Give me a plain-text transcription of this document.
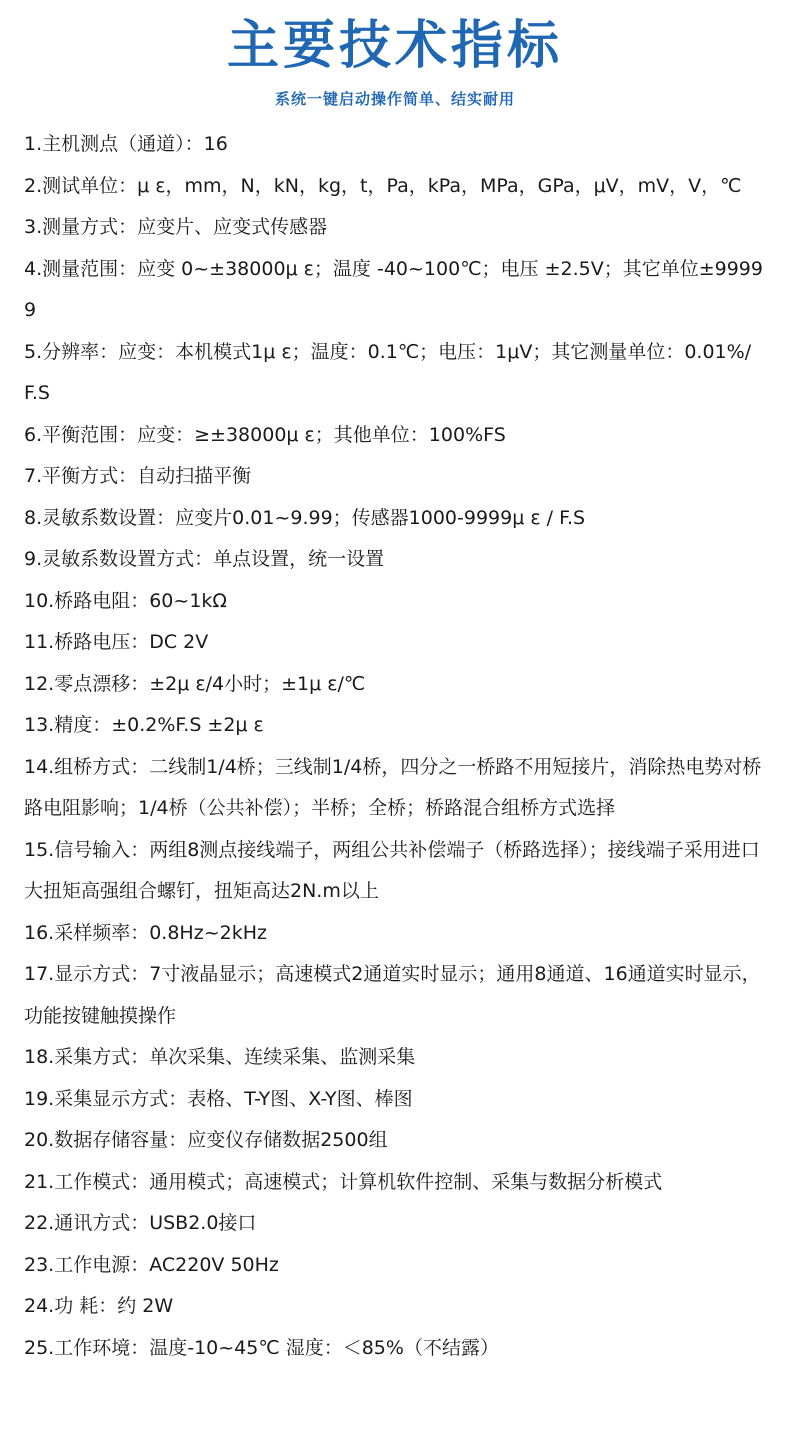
主要技术指标
系统一键启动操作简单、结实耐用
1.主机测点（通道）：16
2.测试单位：μ ε，mm，N，kN，kg，t，Pa，kPa，MPa，GPa，μV，mV，V，℃
3.测量方式：应变片、应变式传感器
4.测量范围：应变 0~±38000μ ε；温度 -40~100℃；电压 ±2.5V；其它单位±99999
5.分辨率：应变：本机模式1μ ε；温度：0.1℃；电压：1μV；其它测量单位：0.01%/F.S
6.平衡范围：应变：≥±38000μ ε；其他单位：100%FS
7.平衡方式：自动扫描平衡
8.灵敏系数设置：应变片0.01~9.99；传感器1000-9999μ ε / F.S
9.灵敏系数设置方式：单点设置，统一设置
10.桥路电阻：60~1kΩ
11.桥路电压：DC 2V
12.零点漂移：±2μ ε/4小时；±1μ ε/℃
13.精度：±0.2%F.S ±2μ ε
14.组桥方式：二线制1/4桥；三线制1/4桥，四分之一桥路不用短接片，消除热电势对桥路电阻影响；1/4桥（公共补偿）；半桥；全桥；桥路混合组桥方式选择
15.信号输入：两组8测点接线端子，两组公共补偿端子（桥路选择）；接线端子采用进口大扭矩高强组合螺钉，扭矩高达2N.m以上
16.采样频率：0.8Hz~2kHz
17.显示方式：7寸液晶显示；高速模式2通道实时显示；通用8通道、16通道实时显示，功能按键触摸操作
18.采集方式：单次采集、连续采集、监测采集
19.采集显示方式：表格、T-Y图、X-Y图、棒图
20.数据存储容量：应变仪存储数据2500组
21.工作模式：通用模式；高速模式；计算机软件控制、采集与数据分析模式
22.通讯方式：USB2.0接口
23.工作电源：AC220V 50Hz
24.功 耗：约 2W
25.工作环境：温度-10~45℃ 湿度：＜85%（不结露）
